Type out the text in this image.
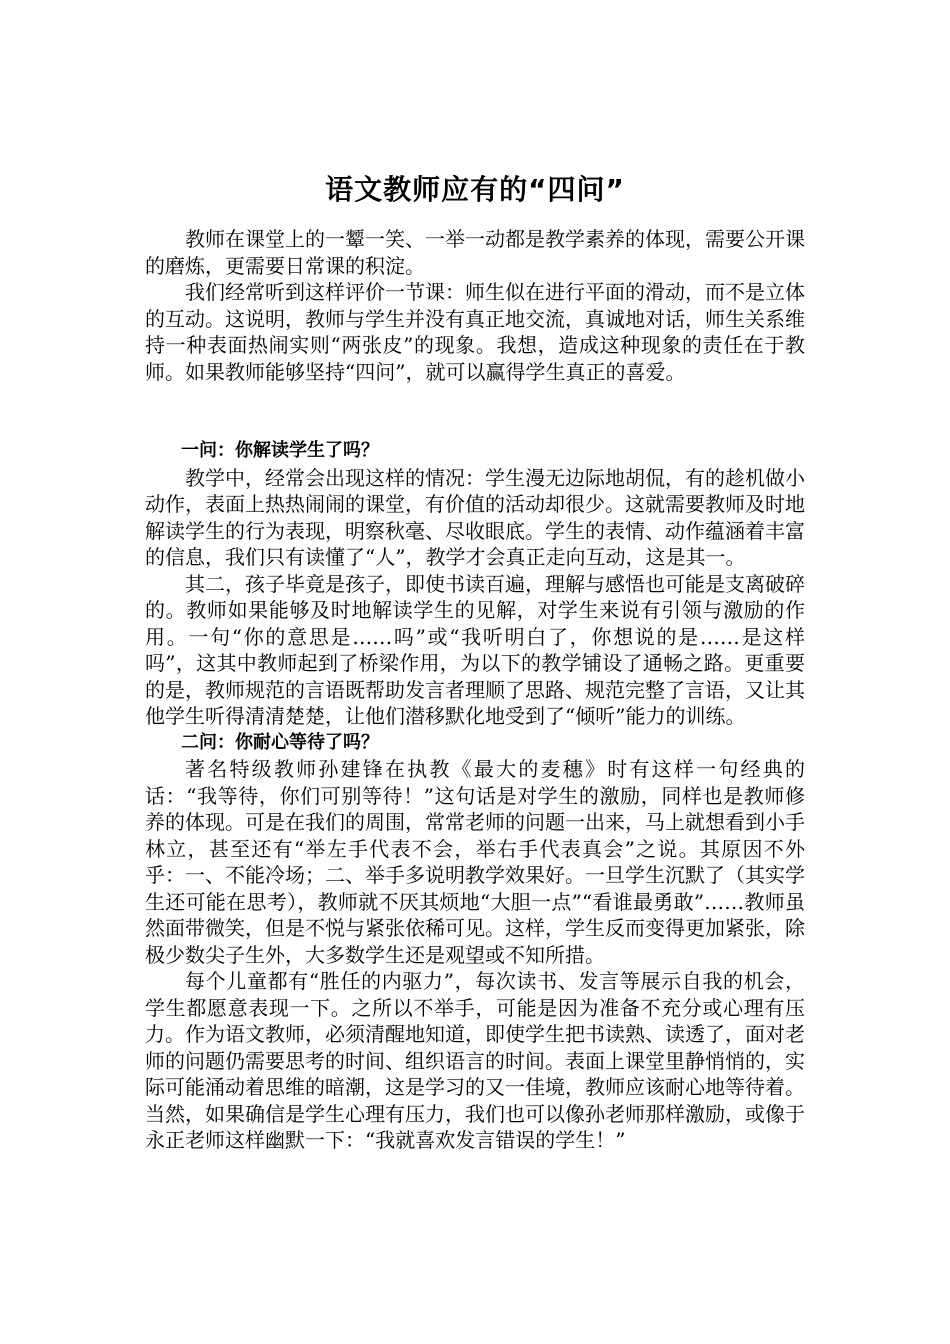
语文教师应有的“四问”

教师在课堂上的一颦一笑、一举一动都是教学素养的体现，需要公开课的磨炼，更需要日常课的积淀。

我们经常听到这样评价一节课：师生似在进行平面的滑动，而不是立体的互动。这说明，教师与学生并没有真正地交流，真诚地对话，师生关系维持一种表面热闹实则“两张皮”的现象。我想，造成这种现象的责任在于教师。如果教师能够坚持“四问”，就可以赢得学生真正的喜爱。

一问：你解读学生了吗？

教学中，经常会出现这样的情况：学生漫无边际地胡侃，有的趁机做小动作，表面上热热闹闹的课堂，有价值的活动却很少。这就需要教师及时地解读学生的行为表现，明察秋毫、尽收眼底。学生的表情、动作蕴涵着丰富的信息，我们只有读懂了“人”，教学才会真正走向互动，这是其一。

其二，孩子毕竟是孩子，即使书读百遍，理解与感悟也可能是支离破碎的。教师如果能够及时地解读学生的见解，对学生来说有引领与激励的作用。一句“你的意思是……吗”或“我听明白了，你想说的是……是这样吗”，这其中教师起到了桥梁作用，为以下的教学铺设了通畅之路。更重要的是，教师规范的言语既帮助发言者理顺了思路、规范完整了言语，又让其他学生听得清清楚楚，让他们潜移默化地受到了“倾听”能力的训练。

二问：你耐心等待了吗？

著名特级教师孙建锋在执教《最大的麦穗》时有这样一句经典的话：“我等待，你们可别等待！”这句话是对学生的激励，同样也是教师修养的体现。可是在我们的周围，常常老师的问题一出来，马上就想看到小手林立，甚至还有“举左手代表不会，举右手代表真会”之说。其原因不外乎：一、不能冷场；二、举手多说明教学效果好。一旦学生沉默了（其实学生还可能在思考），教师就不厌其烦地“大胆一点”“看谁最勇敢”……教师虽然面带微笑，但是不悦与紧张依稀可见。这样，学生反而变得更加紧张，除极少数尖子生外，大多数学生还是观望或不知所措。

每个儿童都有“胜任的内驱力”，每次读书、发言等展示自我的机会，学生都愿意表现一下。之所以不举手，可能是因为准备不充分或心理有压力。作为语文教师，必须清醒地知道，即使学生把书读熟、读透了，面对老师的问题仍需要思考的时间、组织语言的时间。表面上课堂里静悄悄的，实际可能涌动着思维的暗潮，这是学习的又一佳境，教师应该耐心地等待着。当然，如果确信是学生心理有压力，我们也可以像孙老师那样激励，或像于永正老师这样幽默一下：“我就喜欢发言错误的学生！”
